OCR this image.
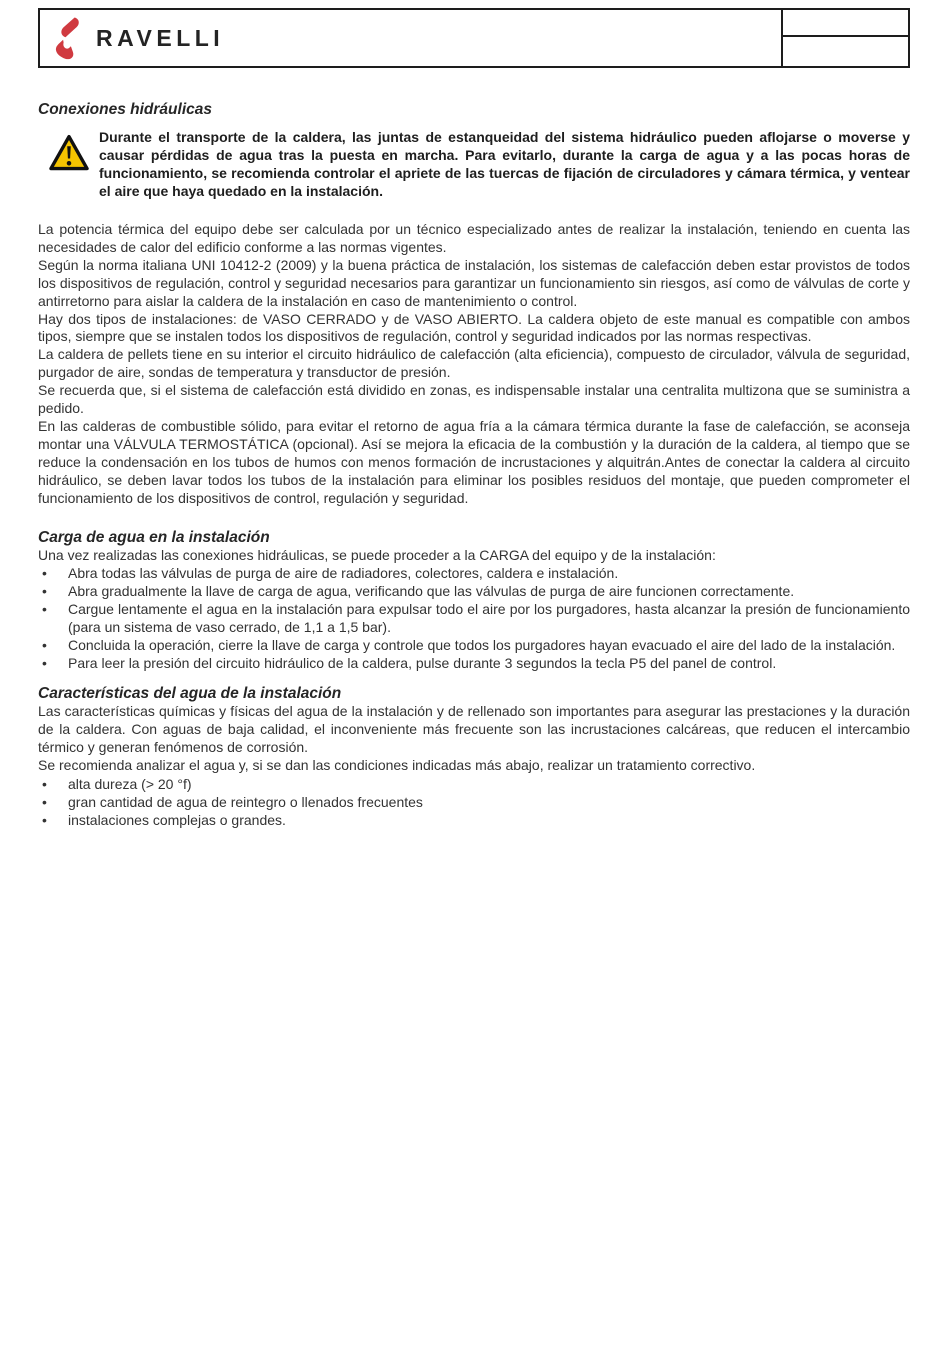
RAVELLI
Conexiones hidráulicas

Durante el transporte de la caldera, las juntas de estanqueidad del sistema hidráulico pueden aflojarse o moverse y causar pérdidas de agua tras la puesta en marcha. Para evitarlo, durante la carga de agua y a las pocas horas de funcionamiento, se recomienda controlar el apriete de las tuercas de fijación de circuladores y cámara térmica, y ventear el aire que haya quedado en la instalación.

La potencia térmica del equipo debe ser calculada por un técnico especializado antes de realizar la instalación, teniendo en cuenta las necesidades de calor del edificio conforme a las normas vigentes.

Según la norma italiana UNI 10412-2 (2009) y la buena práctica de instalación, los sistemas de calefacción deben estar provistos de todos los dispositivos de regulación, control y seguridad necesarios para garantizar un funcionamiento sin riesgos, así como de válvulas de corte y antirretorno para aislar la caldera de la instalación en caso de mantenimiento o control.

Hay dos tipos de instalaciones: de VASO CERRADO y de VASO ABIERTO. La caldera objeto de este manual es compatible con ambos tipos, siempre que se instalen todos los dispositivos de regulación, control y seguridad indicados por las normas respectivas.

La caldera de pellets tiene en su interior el circuito hidráulico de calefacción (alta eficiencia), compuesto de circulador, válvula de seguridad, purgador de aire, sondas de temperatura y transductor de presión.

Se recuerda que, si el sistema de calefacción está dividido en zonas, es indispensable instalar una centralita multizona que se suministra a pedido.

En las calderas de combustible sólido, para evitar el retorno de agua fría a la cámara térmica durante la fase de calefacción, se aconseja montar una VÁLVULA TERMOSTÁTICA (opcional). Así se mejora la eficacia de la combustión y la duración de la caldera, al tiempo que se reduce la condensación en los tubos de humos con menos formación de incrustaciones y alquitrán.Antes de conectar la caldera al circuito hidráulico, se deben lavar todos los tubos de la instalación para eliminar los posibles residuos del montaje, que pueden comprometer el funcionamiento de los dispositivos de control, regulación y seguridad.

Carga de agua en la instalación

Una vez realizadas las conexiones hidráulicas, se puede proceder a la CARGA del equipo y de la instalación:

• Abra todas las válvulas de purga de aire de radiadores, colectores, caldera e instalación.
• Abra gradualmente la llave de carga de agua, verificando que las válvulas de purga de aire funcionen correctamente.
• Cargue lentamente el agua en la instalación para expulsar todo el aire por los purgadores, hasta alcanzar la presión de funcionamiento (para un sistema de vaso cerrado, de 1,1 a 1,5 bar).
• Concluida la operación, cierre la llave de carga y controle que todos los purgadores hayan evacuado el aire del lado de la instalación.
• Para leer la presión del circuito hidráulico de la caldera, pulse durante 3 segundos la tecla P5 del panel de control.
Características del agua de la instalación

Las características químicas y físicas del agua de la instalación y de rellenado son importantes para asegurar las prestaciones y la duración de la caldera. Con aguas de baja calidad, el inconveniente más frecuente son las incrustaciones calcáreas, que reducen el intercambio térmico y generan fenómenos de corrosión.

Se recomienda analizar el agua y, si se dan las condiciones indicadas más abajo, realizar un tratamiento correctivo.

• alta dureza (> 20 °f)
• gran cantidad de agua de reintegro o llenados frecuentes
• instalaciones complejas o grandes.
